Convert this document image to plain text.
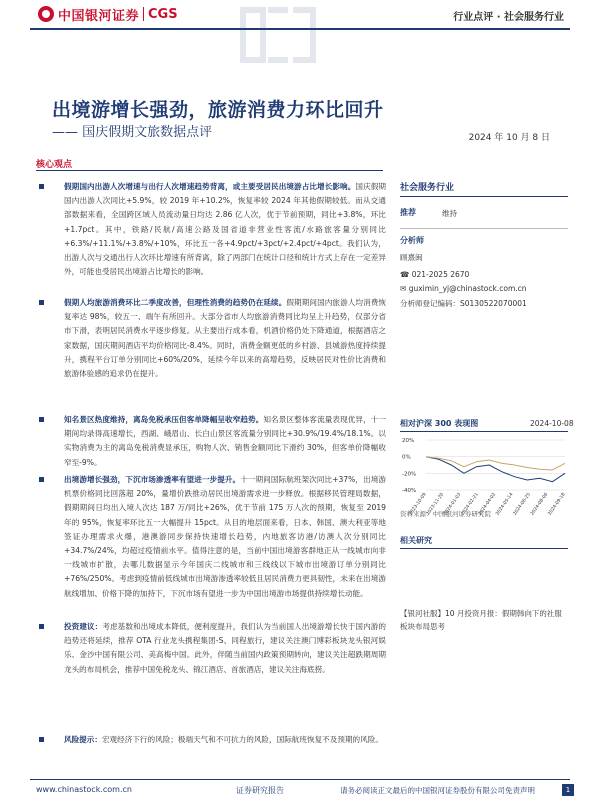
中国银河证券 CGS	行业点评 · 社会服务行业
出境游增长强劲，旅游消费力环比回升
—— 国庆假期文旅数据点评	2024 年 10 月 8 日
核心观点
假期国内出游人次增速与出行人次增速趋势背离，或主要受居民出境游占比增长影响。国庆假期国内出游人次同比+5.9%，较 2019 年+10.2%，恢复率较 2024 年其他假期较低。而从交通部数据来看，全国跨区域人员流动量日均达 2.86 亿人次，优于节前预期，同比+3.8%，环比+1.7pct。其中，铁路/民航/高速公路及国省道非营业性客流/水路旅客量分别同比+6.3%/+11.1%/+3.8%/+10%，环比五一各+4.9pct/+3pct/+2.4pct/+4pct。我们认为，出游人次与交通出行人次环比增速有所背离，除了两部门在统计口径和统计方式上存在一定差异外，可能也受居民出境游占比增长的影响。
假期人均旅游消费环比二季度改善，但理性消费的趋势仍在延续。假期期间国内旅游人均消费恢复率达 98%，较五一、端午有所回升。大部分省市人均旅游消费同比均呈上升趋势，仅部分省市下滑，表明居民消费水平逐步修复。从主要出行成本看，机酒价格仍处下降通道，根据酒店之家数据，国庆期间酒店平均价格同比-8.4%。同时，消费金额更低的乡村游、县城游热度持续提升，携程平台订单分别同比+60%/20%，延续今年以来的高增趋势，反映居民对性价比消费和旅游体验感的追求仍在提升。
知名景区热度维持，离岛免税承压但客单降幅呈收窄趋势。知名景区整体客流量表现优异，十一期间均录得高速增长，西湖、峨眉山、长白山景区客流量分别同比+30.9%/19.4%/18.1%。以实物消费为主的离岛免税消费显承压，购物人次、销售金额同比下滑约 30%，但客单价降幅收窄至-9%。
出境游增长强劲，下沉市场渗透率有望进一步提升。十一期间国际航班架次同比+37%，出境游机票价格同比回落超 20%，量增价跌推动居民出境游需求进一步释放。根据移民管理局数据，假期期间日均出入境人次达 187 万/同比+26%，优于节前 175 万人次的预期，恢复至 2019 年的 95%，恢复率环比五一大幅提升 15pct。从目的地层面来看，日本、韩国、澳大利亚等地签证办理需求火爆，港澳游同步保持快速增长趋势，内地旅客访港/访澳人次分别同比+34.7%/24%，均超过疫情前水平。值得注意的是，当前中国出境游客群地正从一线城市向非一线城市扩散，去哪儿数据显示今年国庆二线城市和三线线以下城市出境游订单分别同比+76%/250%。考虑到疫情前低线城市出境游渗透率较低且居民消费力更具韧性，未来在出境游航线增加、价格下降的加持下，下沉市场有望进一步为中国出境游市场提供持续增长动能。
投资建议：考虑基数和出境成本降低，便利度提升，我们认为当前国人出境游增长快于国内游的趋势还将延续，推荐 OTA 行业龙头携程集团-S、同程旅行，建议关注澳门博彩板块龙头银河娱乐、金沙中国有限公司、美高梅中国。此外，伴随当前国内政策预期转向，建议关注超跌期周期龙头的布局机会，推荐中国免税龙头、锦江酒店、首旅酒店，建议关注海底捞。
风险提示：宏观经济下行的风险；极端天气和不可抗力的风险，国际航班恢复不及预期的风险。
社会服务行业
推荐	维持
分析师
顾熹闽
☎ 021-2025 2670
✉ guximin_yj@chinastock.com.cn
分析师登记编码：S0130522070001
相对沪深 300 表现图	2024-10-08
20%
0%
-20%
-40%
2023-10-09
2023-11-20
2024-01-03
2024-02-21
2024-04-02
2024-05-14
2024-06-25
2024-08-06
2024-09-18
资料来源：中国银河证券研究院
相关研究
【银河社服】10 月投资月报：假期韩向下的社服板块布局思考
www.chinastock.com.cn	证券研究报告	请务必阅读正文最后的中国银河证券股份有限公司免责声明	1
